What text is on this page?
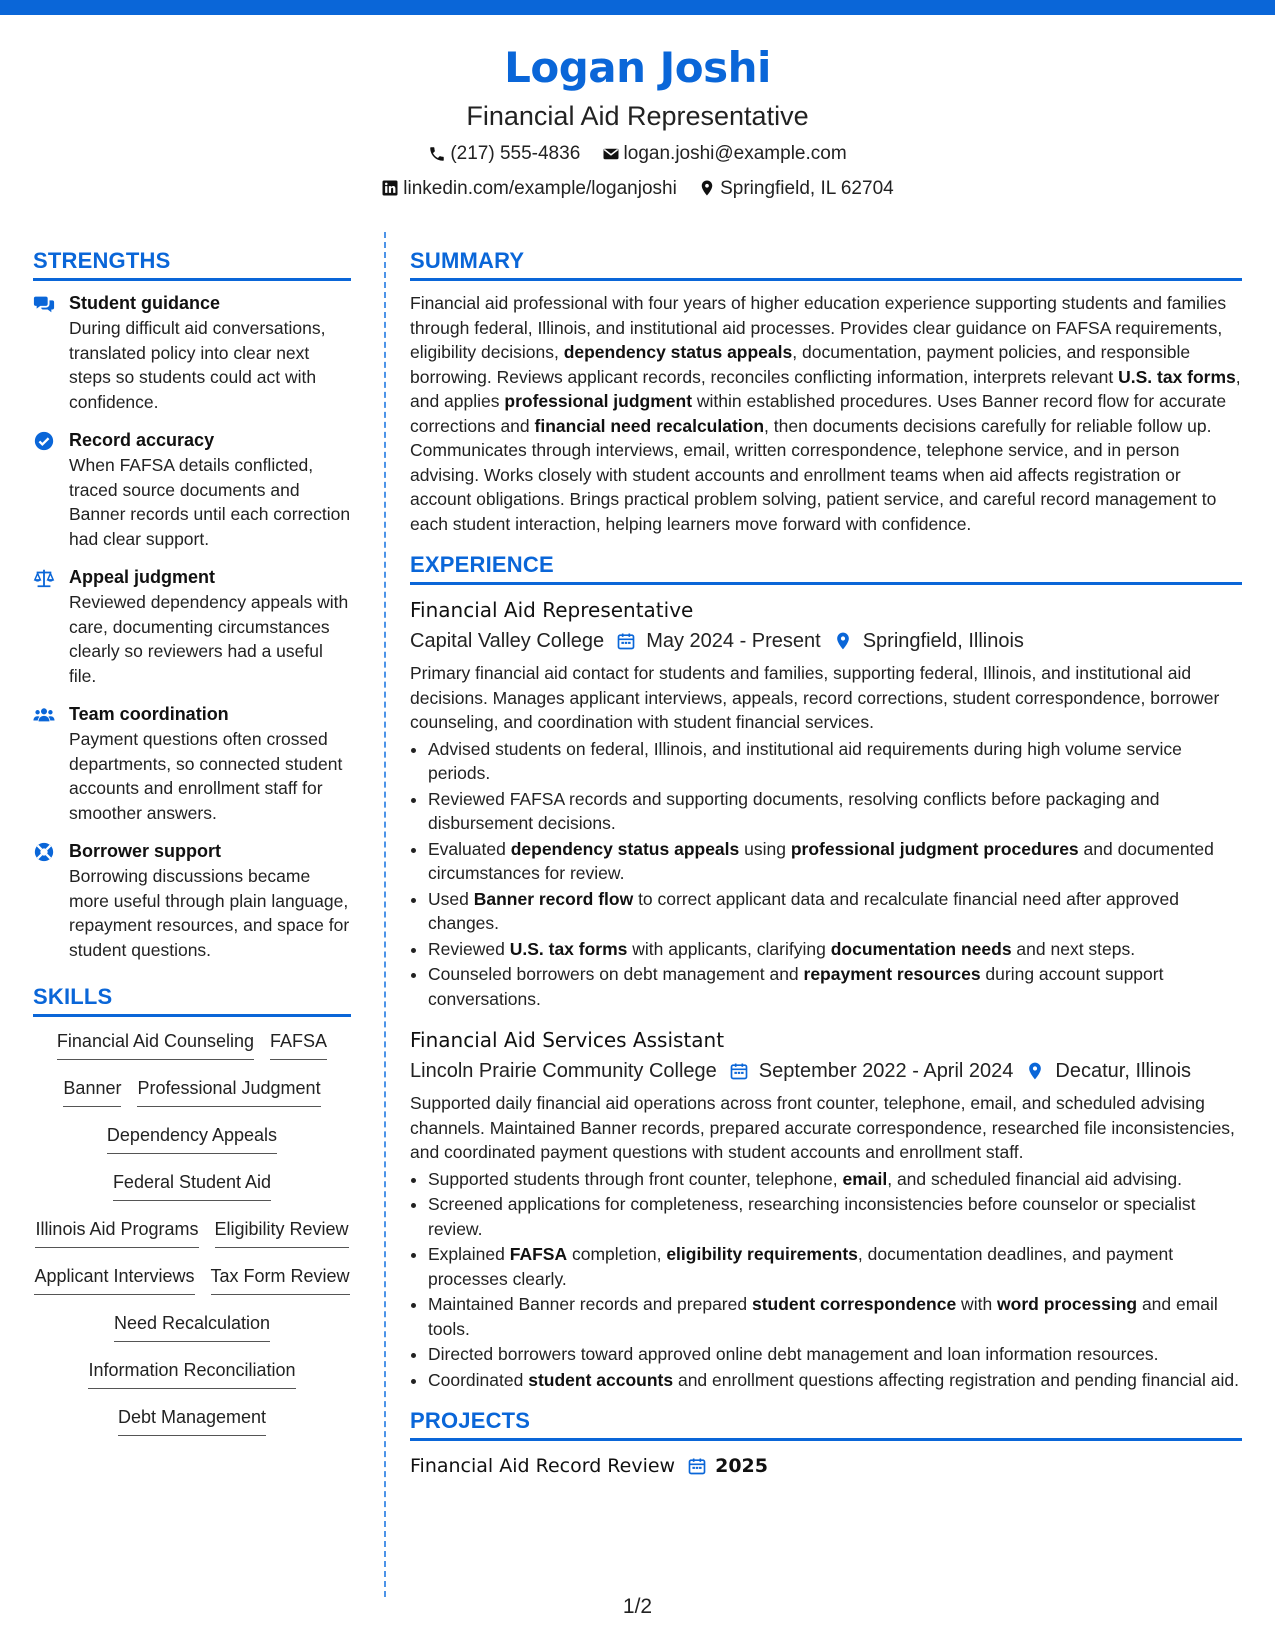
Logan Joshi
Financial Aid Representative
(217) 555-4836
logan.joshi@example.com
linkedin.com/example/loganjoshi
Springfield, IL 62704
STRENGTHS
Student guidance
During difficult aid conversations, translated policy into clear next steps so students could act with confidence.
Record accuracy
When FAFSA details conflicted, traced source documents and Banner records until each correction had clear support.
Appeal judgment
Reviewed dependency appeals with care, documenting circumstances clearly so reviewers had a useful file.
Team coordination
Payment questions often crossed departments, so connected student accounts and enrollment staff for smoother answers.
Borrower support
Borrowing discussions became more useful through plain language, repayment resources, and space for student questions.
SKILLS
Financial Aid Counseling FAFSA
Banner Professional Judgment
Dependency Appeals
Federal Student Aid
Illinois Aid Programs Eligibility Review
Applicant Interviews Tax Form Review
Need Recalculation
Information Reconciliation
Debt Management
SUMMARY
Financial aid professional with four years of higher education experience supporting students and families through federal, Illinois, and institutional aid processes. Provides clear guidance on FAFSA requirements, eligibility decisions, dependency status appeals, documentation, payment policies, and responsible borrowing. Reviews applicant records, reconciles conflicting information, interprets relevant U.S. tax forms, and applies professional judgment within established procedures. Uses Banner record flow for accurate corrections and financial need recalculation, then documents decisions carefully for reliable follow up. Communicates through interviews, email, written correspondence, telephone service, and in person advising. Works closely with student accounts and enrollment teams when aid affects registration or account obligations. Brings practical problem solving, patient service, and careful record management to each student interaction, helping learners move forward with confidence.
EXPERIENCE
Financial Aid Representative
Capital Valley College May 2024 - Present Springfield, Illinois
Primary financial aid contact for students and families, supporting federal, Illinois, and institutional aid decisions. Manages applicant interviews, appeals, record corrections, student correspondence, borrower counseling, and coordination with student financial services.
• Advised students on federal, Illinois, and institutional aid requirements during high volume service periods.
• Reviewed FAFSA records and supporting documents, resolving conflicts before packaging and disbursement decisions.
• Evaluated dependency status appeals using professional judgment procedures and documented circumstances for review.
• Used Banner record flow to correct applicant data and recalculate financial need after approved changes.
• Reviewed U.S. tax forms with applicants, clarifying documentation needs and next steps.
• Counseled borrowers on debt management and repayment resources during account support conversations.
Financial Aid Services Assistant
Lincoln Prairie Community College September 2022 - April 2024 Decatur, Illinois
Supported daily financial aid operations across front counter, telephone, email, and scheduled advising channels. Maintained Banner records, prepared accurate correspondence, researched file inconsistencies, and coordinated payment questions with student accounts and enrollment staff.
• Supported students through front counter, telephone, email, and scheduled financial aid advising.
• Screened applications for completeness, researching inconsistencies before counselor or specialist review.
• Explained FAFSA completion, eligibility requirements, documentation deadlines, and payment processes clearly.
• Maintained Banner records and prepared student correspondence with word processing and email tools.
• Directed borrowers toward approved online debt management and loan information resources.
• Coordinated student accounts and enrollment questions affecting registration and pending financial aid.
PROJECTS
Financial Aid Record Review 2025
1/2
